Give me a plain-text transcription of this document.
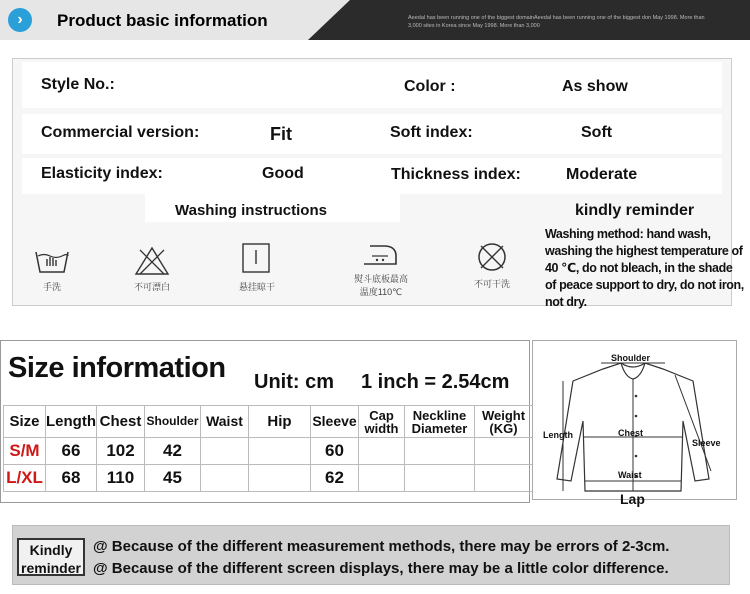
›	Product basic information	Aeedal has been running one of the biggest domainAeedal has been running one of the biggest don May 1998. More than 3,000 sites in Korea since May 1998. More than 3,000
Style No.:	Color :	As show
Commercial version:	Fit	Soft index:	Soft
Elasticity index:	Good	Thickness index:	Moderate
Washing instructions	kindly reminder
Washing method: hand wash, washing the highest temperature of 40 ℃, do not bleach, in the shade of peace support to dry, do not iron, not dry.
手洗	不可漂白	悬挂晾干
熨斗底板最高
温度110℃
不可干洗
Size information Unit: cm 1 inch = 2.54cm
Size	Length	Chest	Shoulder	Waist	Hip	Sleeve	Cap width	Neckline Diameter	Weight (KG)
S/M	66	102	42			60			
L/XL	68	110	45			62			
Shoulder
Chest
Length
Sleeve
Waist
Lap
Kindly
reminder
@ Because of the different measurement methods, there may be errors of 2-3cm.
@ Because of the different screen displays, there may be a little color difference.
